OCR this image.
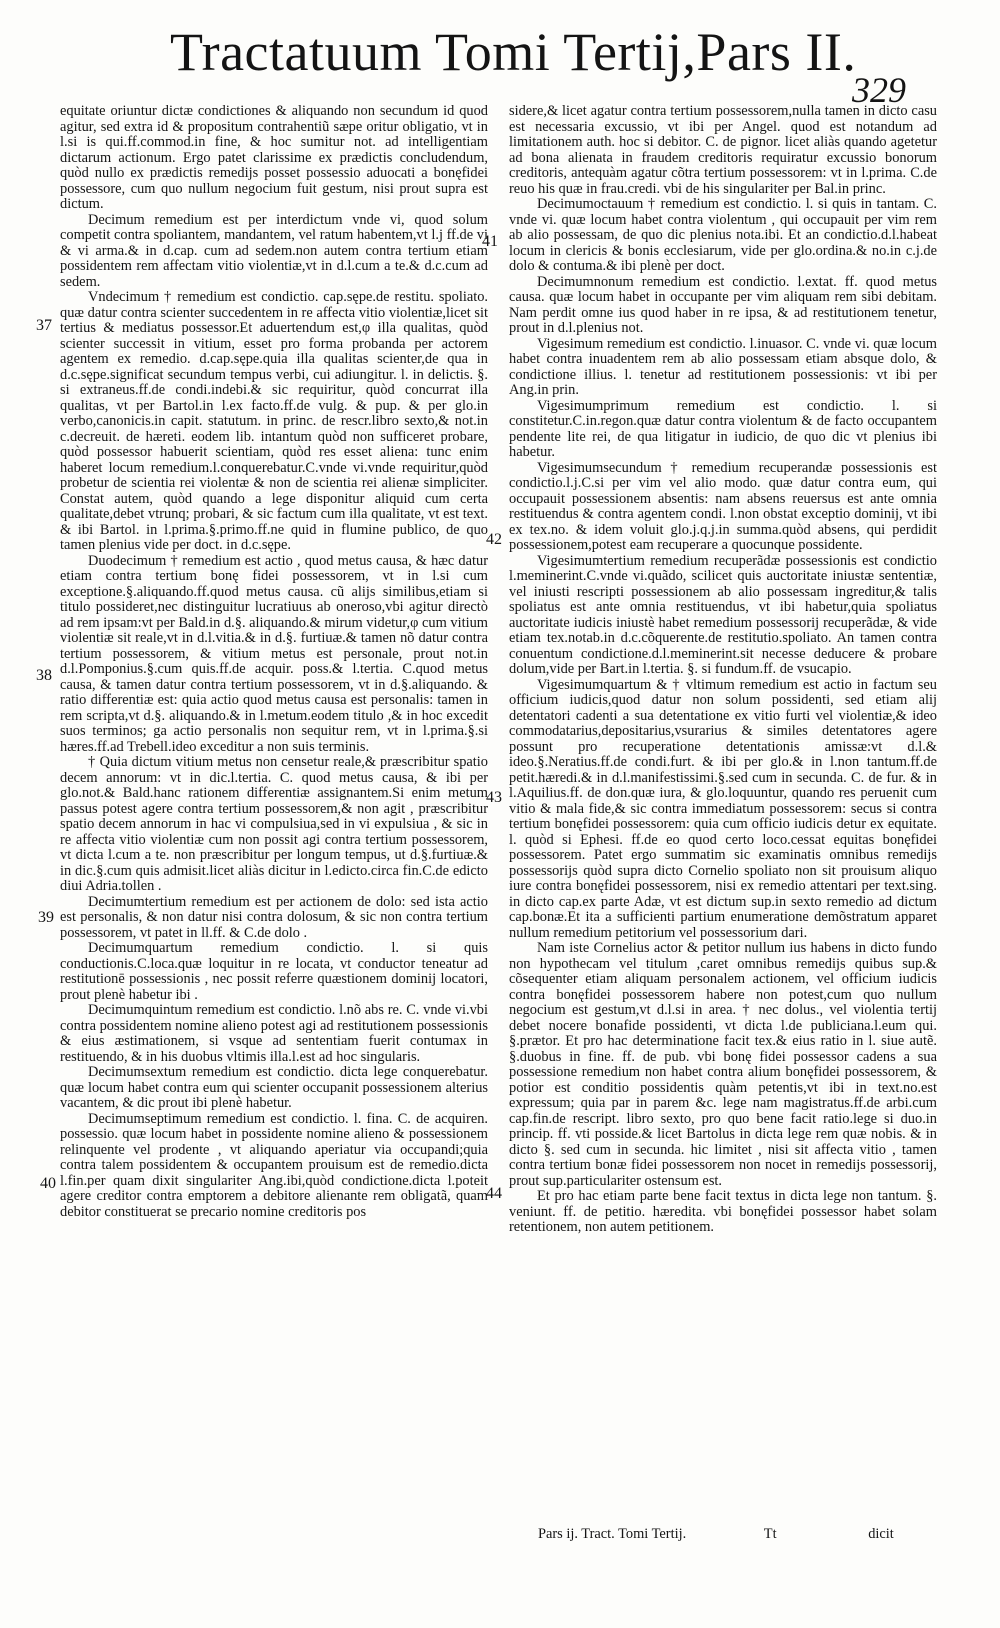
Tractatuum Tomi Tertij,Pars II.
329

equitate oriuntur dictæ condictiones & aliquando non secundum id quod agitur, sed extra id & propositum contrahentiũ sæpe oritur obligatio, vt in l.si is qui.ff.commod.in fine, & hoc sumitur not. ad intelligentiam dictarum actionum. Ergo patet clarissime ex prædictis concludendum, quòd nullo ex prædictis remedijs posset possessio aduocati a bonęfidei possessore, cum quo nullum negocium fuit gestum, nisi prout supra est dictum.

Decimum remedium est per interdictum vnde vi, quod solum competit contra spoliantem, mandantem, vel ratum habentem,vt l.j ff.de vi & vi arma.& in d.cap. cum ad sedem.non autem contra tertium etiam possidentem rem affectam vitio violentiæ,vt in d.l.cum a te.& d.c.cum ad sedem.

Vndecimum † remedium est condictio. cap.sępe.de restitu. spoliato. quæ datur contra scienter succedentem in re affecta vitio violentiæ,licet sit tertius & mediatus possessor.Et aduertendum est,φ illa qualitas, quòd scienter successit in vitium, esset pro forma probanda per actorem agentem ex remedio. d.cap.sępe.quia illa qualitas scienter,de qua in d.c.sępe.significat secundum tempus verbi, cui adiungitur. l. in delictis. §. si extraneus.ff.de condi.indebi.& sic requiritur, quòd concurrat illa qualitas, vt per Bartol.in l.ex facto.ff.de vulg. & pup. & per glo.in verbo,canonicis.in capit. statutum. in princ. de rescr.libro sexto,& not.in c.decreuit. de hæreti. eodem lib. intantum quòd non sufficeret probare, quòd possessor habuerit scientiam, quòd res esset aliena: tunc enim haberet locum remedium.l.conquerebatur.C.vnde vi.vnde requiritur,quòd probetur de scientia rei violentæ & non de scientia rei alienæ simpliciter. Constat autem, quòd quando a lege disponitur aliquid cum certa qualitate,debet vtrunq; probari, & sic factum cum illa qualitate, vt est text. & ibi Bartol. in l.prima.§.primo.ff.ne quid in flumine publico, de quo tamen plenius vide per doct. in d.c.sępe.

Duodecimum † remedium est actio , quod metus causa, & hæc datur etiam contra tertium bonę fidei possessorem, vt in l.si cum exceptione.§.aliquando.ff.quod metus causa. cũ alijs similibus,etiam si titulo possideret,nec distinguitur lucratiuus ab oneroso,vbi agitur directò ad rem ipsam:vt per Bald.in d.§. aliquando.& mirum videtur,φ cum vitium violentiæ sit reale,vt in d.l.vitia.& in d.§. furtiuæ.& tamen nõ datur contra tertium possessorem, & vitium metus est personale, prout not.in d.l.Pomponius.§.cum quis.ff.de acquir. poss.& l.tertia. C.quod metus causa, & tamen datur contra tertium possessorem, vt in d.§.aliquando. & ratio differentiæ est: quia actio quod metus causa est personalis: tamen in rem scripta,vt d.§. aliquando.& in l.metum.eodem titulo ,& in hoc excedit suos terminos; ga actio personalis non sequitur rem, vt in l.prima.§.si hæres.ff.ad Trebell.ideo exceditur a non suis terminis.

† Quia dictum vitium metus non censetur reale,& præscribitur spatio decem annorum: vt in dic.l.tertia. C. quod metus causa, & ibi per glo.not.& Bald.hanc rationem differentiæ assignantem.Si enim metum passus potest agere contra tertium possessorem,& non agit , præscribitur spatio decem annorum in hac vi compulsiua,sed in vi expulsiua , & sic in re affecta vitio violentiæ cum non possit agi contra tertium possessorem, vt dicta l.cum a te. non præscribitur per longum tempus, ut d.§.furtiuæ.& in dic.§.cum quis admisit.licet aliàs dicitur in l.edicto.circa fin.C.de edicto diui Adria.tollen .

Decimumtertium remedium est per actionem de dolo: sed ista actio est personalis, & non datur nisi contra dolosum, & sic non contra tertium possessorem, vt patet in ll.ff. & C.de dolo .

Decimumquartum remedium condictio. l. si quis conductionis.C.loca.quæ loquitur in re locata, vt conductor teneatur ad restitutionē possessionis , nec possit referre quæstionem dominij locatori, prout plenè habetur ibi .

Decimumquintum remedium est condictio. l.nõ abs re. C. vnde vi.vbi contra possidentem nomine alieno potest agi ad restitutionem possessionis & eius æstimationem, si vsque ad sententiam fuerit contumax in restituendo, & in his duobus vltimis illa.l.est ad hoc singularis.

Decimumsextum remedium est condictio. dicta lege conquerebatur. quæ locum habet contra eum qui scienter occupanit possessionem alterius vacantem, & dic prout ibi plenè habetur.

Decimumseptimum remedium est condictio. l. fina. C. de acquiren. possessio. quæ locum habet in possidente nomine alieno & possessionem relinquente vel prodente , vt aliquando aperiatur via occupandi;quia contra talem possidentem & occupantem prouisum est de remedio.dicta l.fin.per quam dixit singulariter Ang.ibi,quòd condictione.dicta l.poteit agere creditor contra emptorem a debitore alienante rem obligatã, quam debitor constituerat se precario nomine creditoris pos

sidere,& licet agatur contra tertium possessorem,nulla tamen in dicto casu est necessaria excussio, vt ibi per Angel. quod est notandum ad limitationem auth. hoc si debitor. C. de pignor. licet aliàs quando agetetur ad bona alienata in fraudem creditoris requiratur excussio bonorum creditoris, antequàm agatur cõtra tertium possessorem: vt in l.prima. C.de reuo his quæ in frau.credi. vbi de his singulariter per Bal.in princ.

Decimumoctauum † remedium est condictio. l. si quis in tantam. C. vnde vi. quæ locum habet contra violentum , qui occupauit per vim rem ab alio possessam, de quo dic plenius nota.ibi. Et an condictio.d.l.habeat locum in clericis & bonis ecclesiarum, vide per glo.ordina.& no.in c.j.de dolo & contuma.& ibi plenè per doct.

Decimumnonum remedium est condictio. l.extat. ff. quod metus causa. quæ locum habet in occupante per vim aliquam rem sibi debitam. Nam perdit omne ius quod haber in re ipsa, & ad restitutionem tenetur, prout in d.l.plenius not.

Vigesimum remedium est condictio. l.inuasor. C. vnde vi. quæ locum habet contra inuadentem rem ab alio possessam etiam absque dolo, & condictione illius. l. tenetur ad restitutionem possessionis: vt ibi per Ang.in prin.

Vigesimumprimum remedium est condictio. l. si constitetur.C.in.regon.quæ datur contra violentum & de facto occupantem pendente lite rei, de qua litigatur in iudicio, de quo dic vt plenius ibi habetur.

Vigesimumsecundum † remedium recuperandæ possessionis est condictio.l.j.C.si per vim vel alio modo. quæ datur contra eum, qui occupauit possessionem absentis: nam absens reuersus est ante omnia restituendus & contra agentem condi. l.non obstat exceptio dominij, vt ibi ex tex.no. & idem voluit glo.j.q.j.in summa.quòd absens, qui perdidit possessionem,potest eam recuperare a quocunque possidente.

Vigesimumtertium remedium recuperãdæ possessionis est condictio l.meminerint.C.vnde vi.quãdo, scilicet quis auctoritate iniustæ sententiæ, vel iniusti rescripti possessionem ab alio possessam ingreditur,& talis spoliatus est ante omnia restituendus, vt ibi habetur,quia spoliatus auctoritate iudicis iniustè habet remedium possessorij recuperãdæ, & vide etiam tex.notab.in d.c.cõquerente.de restitutio.spoliato. An tamen contra conuentum condictione.d.l.meminerint.sit necesse deducere & probare dolum,vide per Bart.in l.tertia. §. si fundum.ff. de vsucapio.

Vigesimumquartum & † vltimum remedium est actio in factum seu officium iudicis,quod datur non solum possidenti, sed etiam alij detentatori cadenti a sua detentatione ex vitio furti vel violentiæ,& ideo commodatarius,depositarius,vsurarius & similes detentatores agere possunt pro recuperatione detentationis amissæ:vt d.l.& ideo.§.Neratius.ff.de condi.furt. & ibi per glo.& in l.non tantum.ff.de petit.hæredi.& in d.l.manifestissimi.§.sed cum in secunda. C. de fur. & in l.Aquilius.ff. de don.quæ iura, & glo.loquuntur, quando res peruenit cum vitio & mala fide,& sic contra immediatum possessorem: secus si contra tertium bonęfidei possessorem: quia cum officio iudicis detur ex equitate. l. quòd si Ephesi. ff.de eo quod certo loco.cessat equitas bonęfidei possessorem. Patet ergo summatim sic examinatis omnibus remedijs possessorijs quòd supra dicto Cornelio spoliato non sit prouisum aliquo iure contra bonęfidei possessorem, nisi ex remedio attentari per text.sing. in dicto cap.ex parte Adæ, vt est dictum sup.in sexto remedio ad dictum cap.bonæ.Et ita a sufficienti partium enumeratione demõstratum apparet nullum remedium petitorium vel possessorium dari.

Nam iste Cornelius actor & petitor nullum ius habens in dicto fundo non hypothecam vel titulum ,caret omnibus remedijs quibus sup.& cõsequenter etiam aliquam personalem actionem, vel officium iudicis contra bonęfidei possessorem habere non potest,cum quo nullum negocium est gestum,vt d.l.si in area. † nec dolus., vel violentia tertij debet nocere bonafide possidenti, vt dicta l.de publiciana.l.eum qui. §.prætor. Et pro hac determinatione facit tex.& eius ratio in l. siue autẽ. §.duobus in fine. ff. de pub. vbi bonę fidei possessor cadens a sua possessione remedium non habet contra alium bonęfidei possessorem, & potior est conditio possidentis quàm petentis,vt ibi in text.no.est expressum; quia par in parem &c. lege nam magistratus.ff.de arbi.cum cap.fin.de rescript. libro sexto, pro quo bene facit ratio.lege si duo.in princip. ff. vti posside.& licet Bartolus in dicta lege rem quæ nobis. & in dicto §. sed cum in secunda. hic limitet , nisi sit affecta vitio , tamen contra tertium bonæ fidei possessorem non nocet in remedijs possessorij, prout sup.particulariter ostensum est.

Et pro hac etiam parte bene facit textus in dicta lege non tantum. §. veniunt. ff. de petitio. hæredita. vbi bonęfidei possessor habet solam retentionem, non autem petitionem.

37
38
39
40
41
42
43
44
Pars ij. Tract. Tomi Tertij.	Tt	dicit
